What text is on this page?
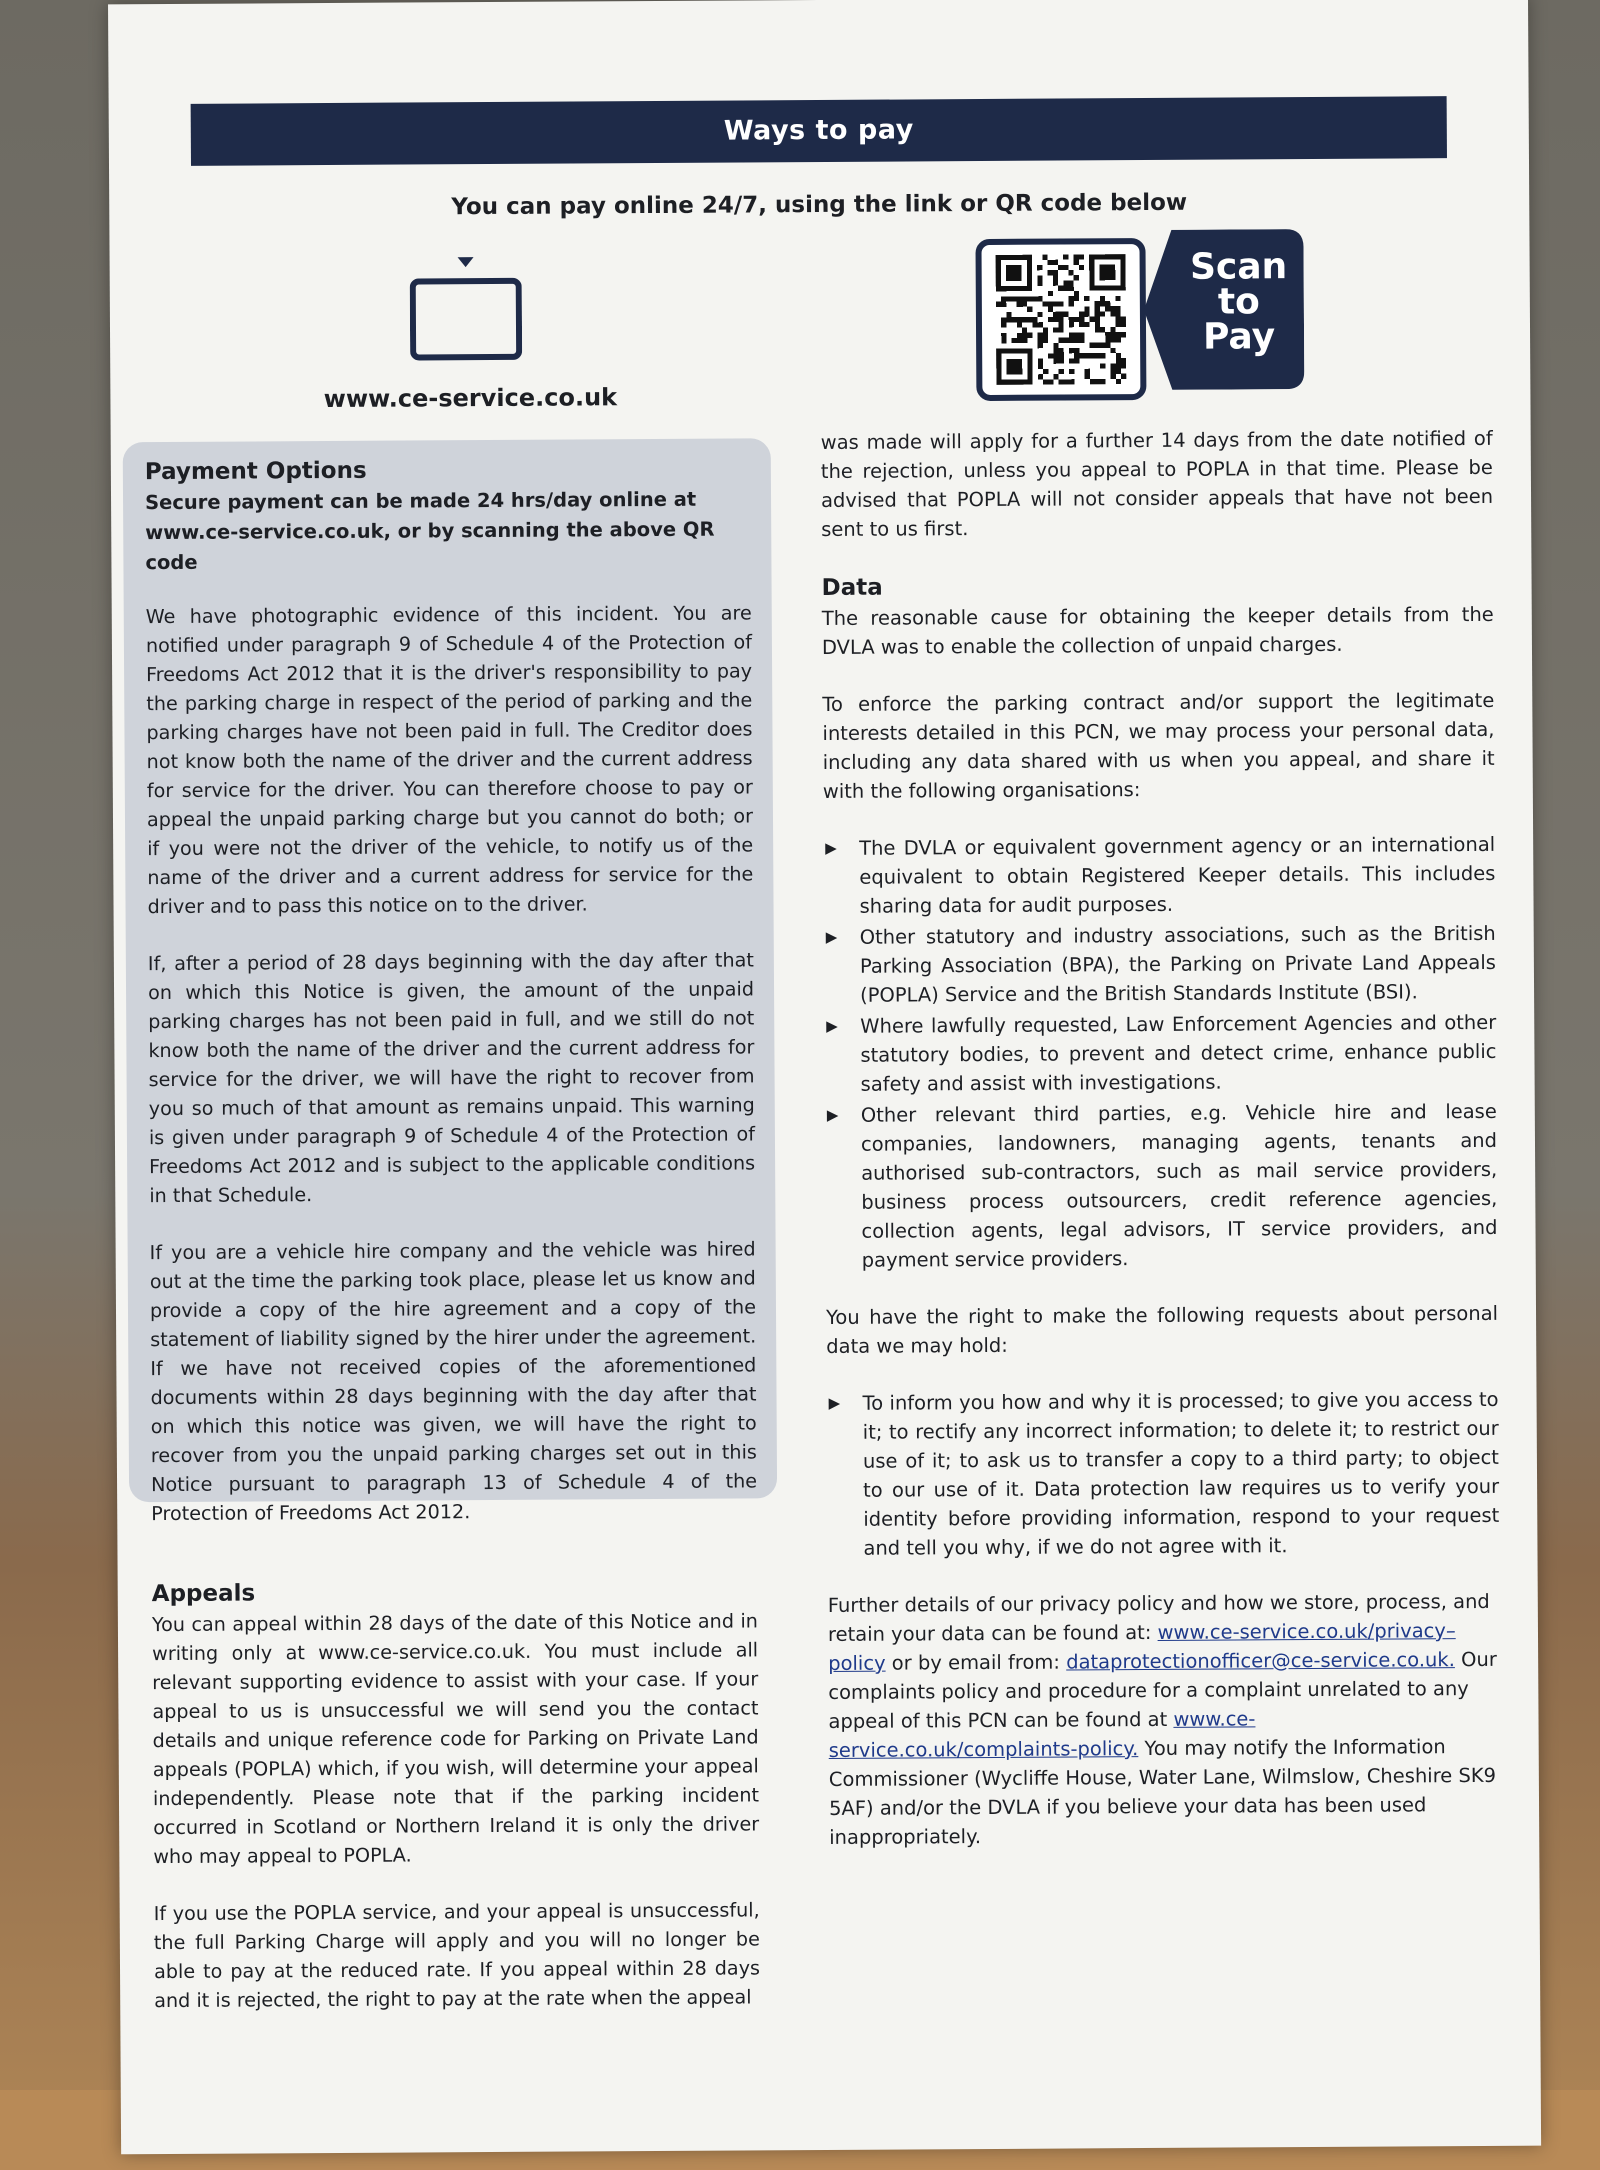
Ways to pay
You can pay online 24/7, using the link or QR code below
www.ce-service.co.uk
Scan
to
Pay
Payment Options
Secure payment can be made 24 hrs/day online at www.ce-service.co.uk, or by scanning the above QR code

We have photographic evidence of this incident. You are notified under paragraph 9 of Schedule 4 of the Protection of Freedoms Act 2012 that it is the driver's responsibility to pay the parking charge in respect of the period of parking and the parking charges have not been paid in full. The Creditor does not know both the name of the driver and the current address for service for the driver. You can therefore choose to pay or appeal the unpaid parking charge but you cannot do both; or if you were not the driver of the vehicle, to notify us of the name of the driver and a current address for service for the driver and to pass this notice on to the driver.

If, after a period of 28 days beginning with the day after that on which this Notice is given, the amount of the unpaid parking charges has not been paid in full, and we still do not know both the name of the driver and the current address for service for the driver, we will have the right to recover from you so much of that amount as remains unpaid. This warning is given under paragraph 9 of Schedule 4 of the Protection of Freedoms Act 2012 and is subject to the applicable conditions in that Schedule.

If you are a vehicle hire company and the vehicle was hired out at the time the parking took place, please let us know and provide a copy of the hire agreement and a copy of the statement of liability signed by the hirer under the agreement. If we have not received copies of the aforementioned documents within 28 days beginning with the day after that on which this notice was given, we will have the right to recover from you the unpaid parking charges set out in this Notice pursuant to paragraph 13 of Schedule 4 of the Protection of Freedoms Act 2012.

Appeals

You can appeal within 28 days of the date of this Notice and in writing only at www.ce-service.co.uk. You must include all relevant supporting evidence to assist with your case. If your appeal to us is unsuccessful we will send you the contact details and unique reference code for Parking on Private Land appeals (POPLA) which, if you wish, will determine your appeal independently. Please note that if the parking incident occurred in Scotland or Northern Ireland it is only the driver who may appeal to POPLA.

If you use the POPLA service, and your appeal is unsuccessful, the full Parking Charge will apply and you will no longer be able to pay at the reduced rate. If you appeal within 28 days and it is rejected, the right to pay at the rate when the appeal

was made will apply for a further 14 days from the date notified of the rejection, unless you appeal to POPLA in that time. Please be advised that POPLA will not consider appeals that have not been sent to us first.

Data

The reasonable cause for obtaining the keeper details from the DVLA was to enable the collection of unpaid charges.

To enforce the parking contract and/or support the legitimate interests detailed in this PCN, we may process your personal data, including any data shared with us when you appeal, and share it with the following organisations:

▶ The DVLA or equivalent government agency or an international equivalent to obtain Registered Keeper details. This includes sharing data for audit purposes.
▶ Other statutory and industry associations, such as the British Parking Association (BPA), the Parking on Private Land Appeals (POPLA) Service and the British Standards Institute (BSI).
▶ Where lawfully requested, Law Enforcement Agencies and other statutory bodies, to prevent and detect crime, enhance public safety and assist with investigations.
▶ Other relevant third parties, e.g. Vehicle hire and lease companies, landowners, managing agents, tenants and authorised sub-contractors, such as mail service providers, business process outsourcers, credit reference agencies, collection agents, legal advisors, IT service providers, and payment service providers.

You have the right to make the following requests about personal data we may hold:

▶ To inform you how and why it is processed; to give you access to it; to rectify any incorrect information; to delete it; to restrict our use of it; to ask us to transfer a copy to a third party; to object to our use of it. Data protection law requires us to verify your identity before providing information, respond to your request and tell you why, if we do not agree with it.

Further details of our privacy policy and how we store, process, and retain your data can be found at: www.ce-service.co.uk/privacy–policy or by email from: dataprotectionofficer@ce-service.co.uk. Our complaints policy and procedure for a complaint unrelated to any appeal of this PCN can be found at www.ce-service.co.uk/complaints-policy. You may notify the Information Commissioner (Wycliffe House, Water Lane, Wilmslow, Cheshire SK9 5AF) and/or the DVLA if you believe your data has been used inappropriately.
